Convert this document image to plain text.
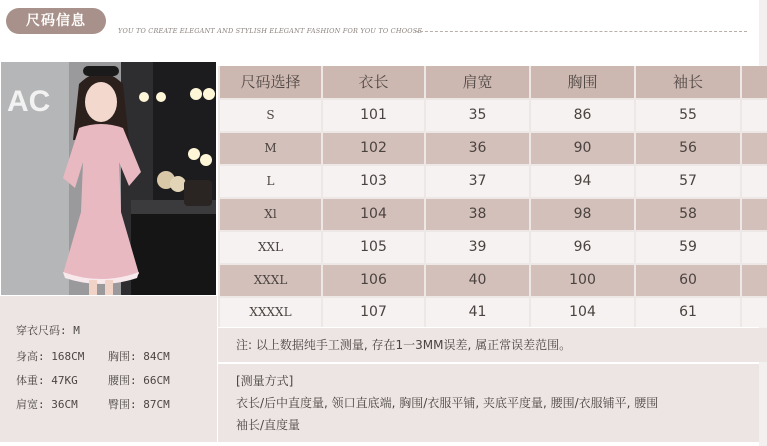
尺码信息
YOU TO CREATE ELEGANT AND STYLISH ELEGANT FASHION FOR YOU TO CHOOSE
AC
穿衣尺码: M
身高: 168CM 胸围: 84CM
体重: 47KG	腰围: 66CM
肩宽: 36CM	臀围: 87CM
尺码选择	衣长	肩宽	胸围	袖长
S	101	35	86	55
M	102	36	90	56
L	103	37	94	57
Xl	104	38	98	58
XXL	105	39	96	59
XXXL	106	40	100	60
XXXXL	107	41	104	61
注: 以上数据纯手工测量, 存在1一3MM误差, 属正常误差范围。
[测量方式]
衣长/后中直度量, 领口直底端, 胸围/衣服平铺, 夹底平度量, 腰围/衣服铺平, 腰围
袖长/直度量
